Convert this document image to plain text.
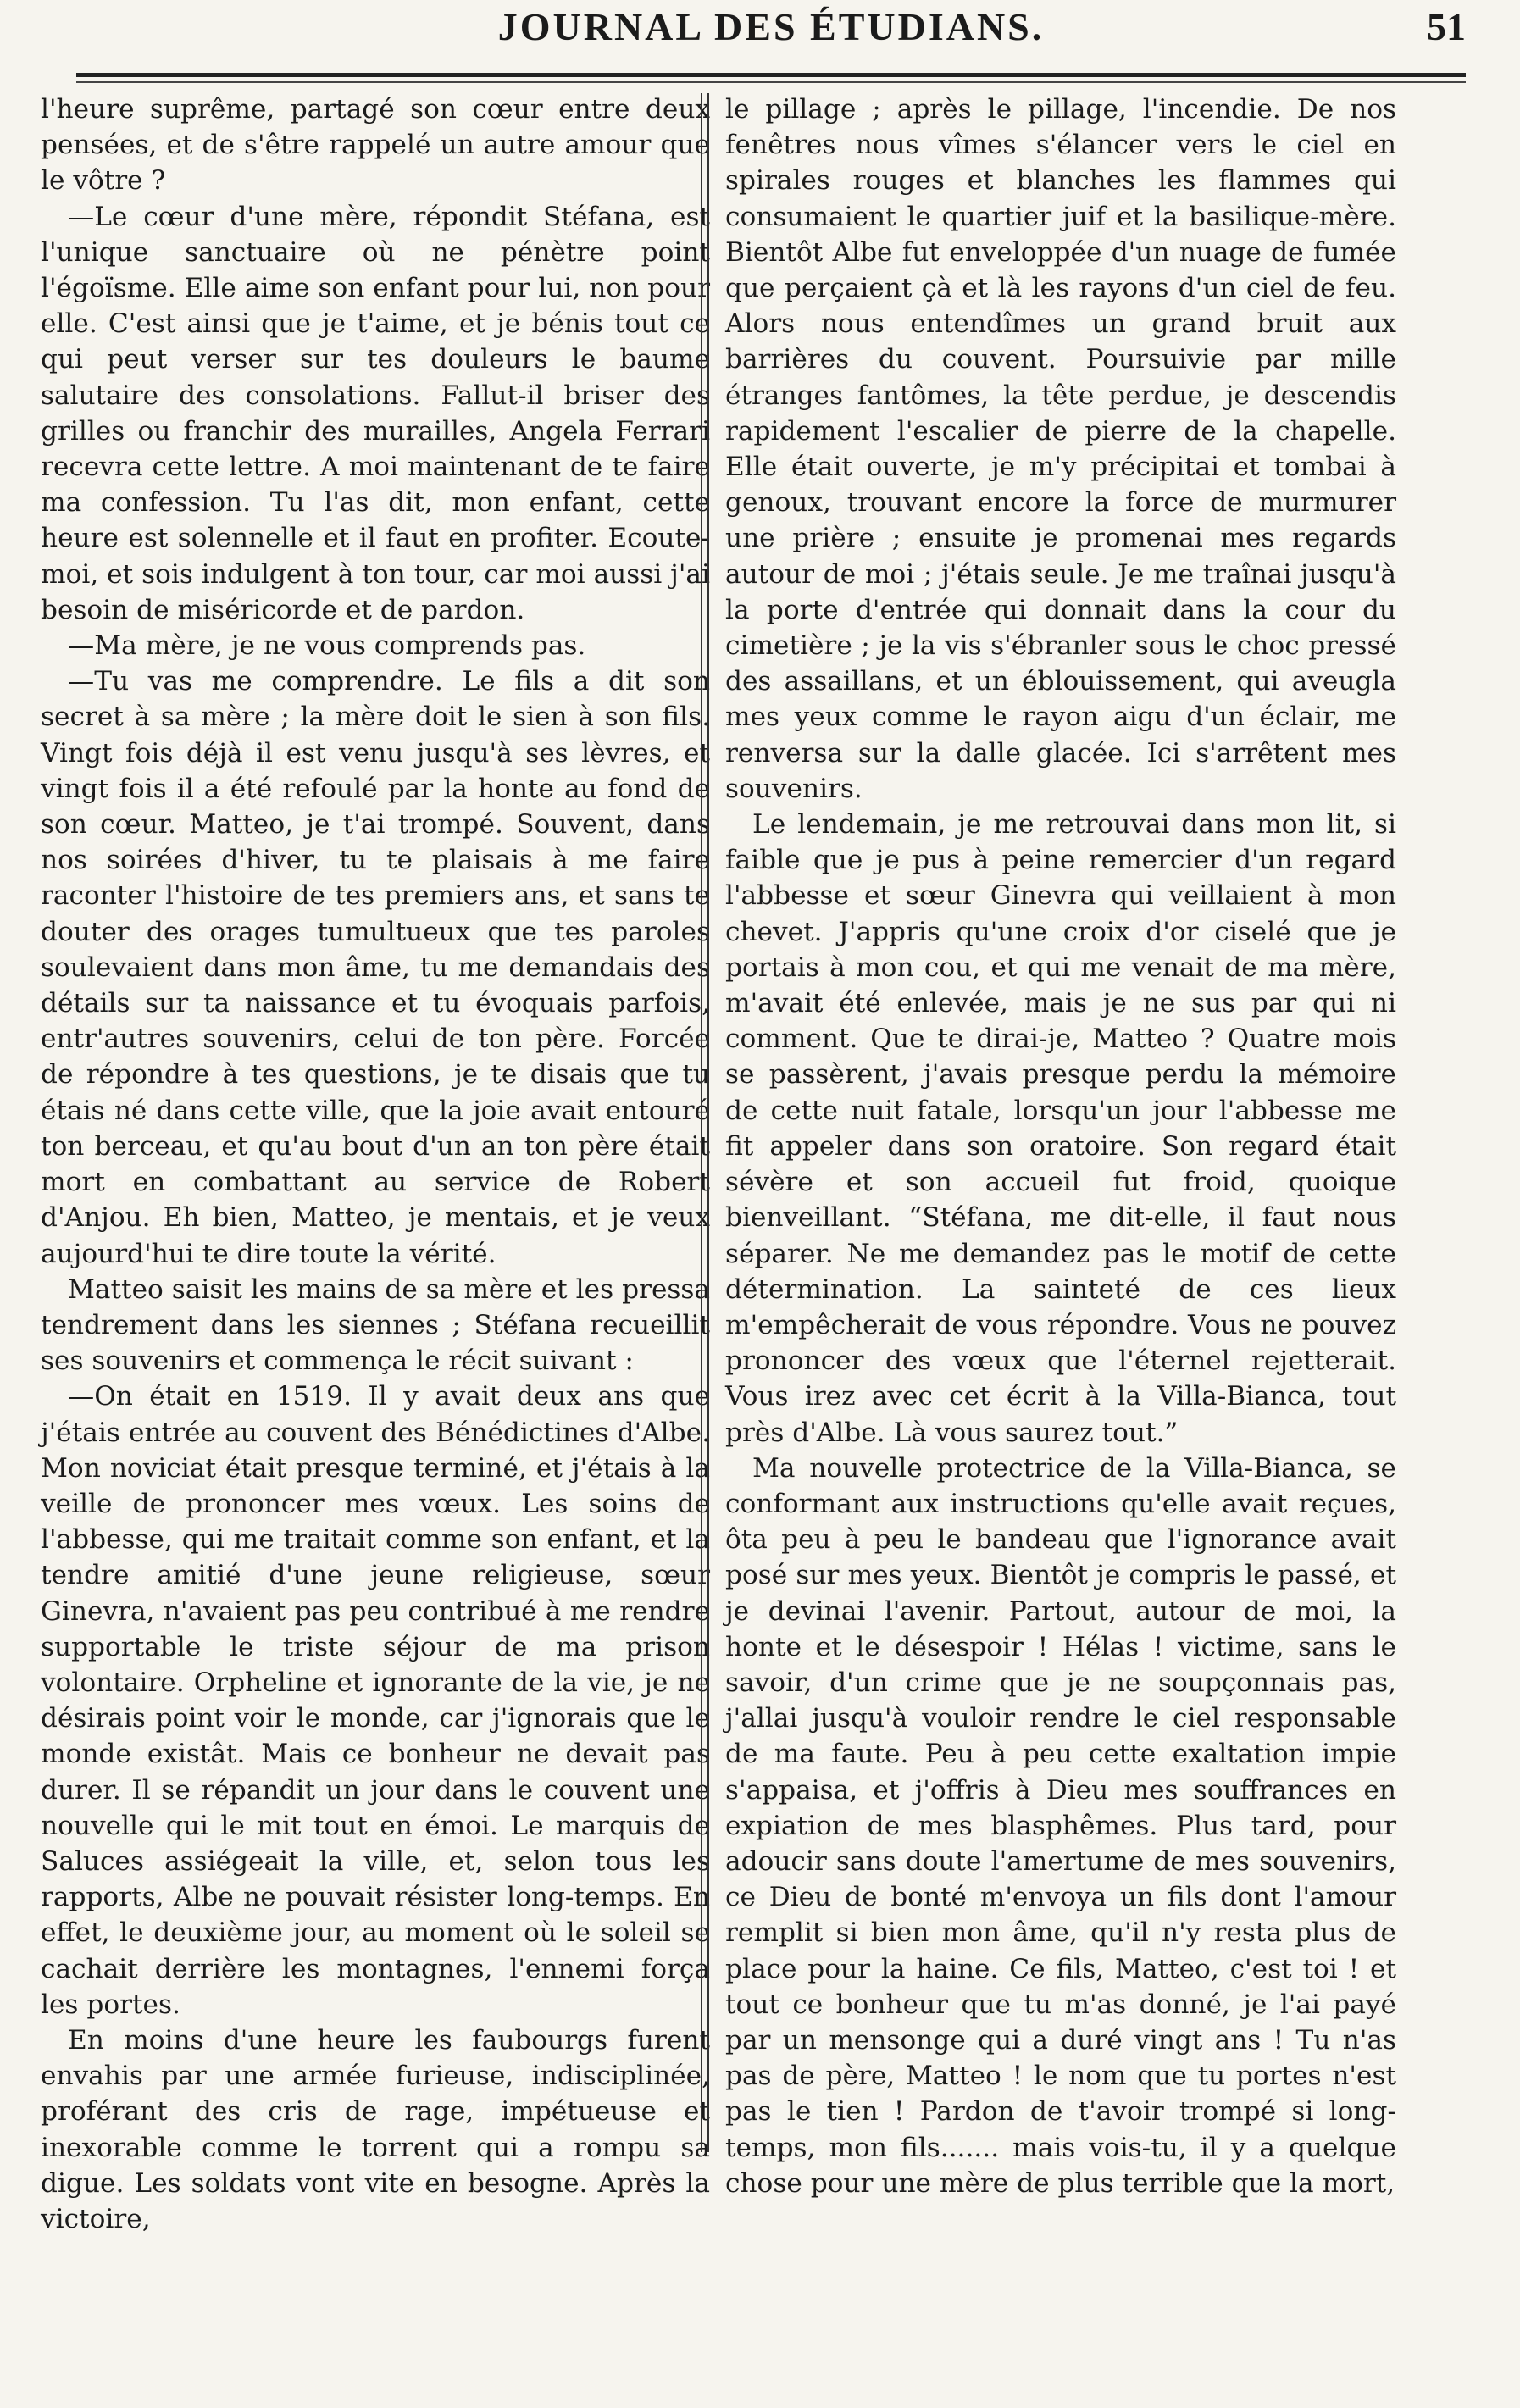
JOURNAL DES ÉTUDIANS.	51

l'heure suprême, partagé son cœur entre deux pensées, et de s'être rappelé un autre amour que le vôtre ?

—Le cœur d'une mère, répondit Stéfana, est l'unique sanctuaire où ne pénètre point l'égoïsme. Elle aime son enfant pour lui, non pour elle. C'est ainsi que je t'aime, et je bénis tout ce qui peut verser sur tes douleurs le baume salutaire des consolations. Fallut-il briser des grilles ou franchir des murailles, Angela Ferrari recevra cette lettre. A moi maintenant de te faire ma confession. Tu l'as dit, mon enfant, cette heure est solennelle et il faut en profiter. Ecoute-moi, et sois indulgent à ton tour, car moi aussi j'ai besoin de miséricorde et de pardon.

—Ma mère, je ne vous comprends pas.

—Tu vas me comprendre. Le fils a dit son secret à sa mère ; la mère doit le sien à son fils. Vingt fois déjà il est venu jusqu'à ses lèvres, et vingt fois il a été refoulé par la honte au fond de son cœur. Matteo, je t'ai trompé. Souvent, dans nos soirées d'hiver, tu te plaisais à me faire raconter l'histoire de tes premiers ans, et sans te douter des orages tumultueux que tes paroles soulevaient dans mon âme, tu me demandais des détails sur ta naissance et tu évoquais parfois, entr'autres souvenirs, celui de ton père. Forcée de répondre à tes questions, je te disais que tu étais né dans cette ville, que la joie avait entouré ton berceau, et qu'au bout d'un an ton père était mort en combattant au service de Robert d'Anjou. Eh bien, Matteo, je mentais, et je veux aujourd'hui te dire toute la vérité.

Matteo saisit les mains de sa mère et les pressa tendrement dans les siennes ; Stéfana recueillit ses souvenirs et commença le récit suivant :

—On était en 1519. Il y avait deux ans que j'étais entrée au couvent des Bénédictines d'Albe. Mon noviciat était presque terminé, et j'étais à la veille de prononcer mes vœux. Les soins de l'abbesse, qui me traitait comme son enfant, et la tendre amitié d'une jeune religieuse, sœur Ginevra, n'avaient pas peu contribué à me rendre supportable le triste séjour de ma prison volontaire. Orpheline et ignorante de la vie, je ne désirais point voir le monde, car j'ignorais que le monde existât. Mais ce bonheur ne devait pas durer. Il se répandit un jour dans le couvent une nouvelle qui le mit tout en émoi. Le marquis de Saluces assiégeait la ville, et, selon tous les rapports, Albe ne pouvait résister long-temps. En effet, le deuxième jour, au moment où le soleil se cachait derrière les montagnes, l'ennemi força les portes.

En moins d'une heure les faubourgs furent envahis par une armée furieuse, indisciplinée, proférant des cris de rage, impétueuse et inexorable comme le torrent qui a rompu sa digue. Les soldats vont vite en besogne. Après la victoire,

le pillage ; après le pillage, l'incendie. De nos fenêtres nous vîmes s'élancer vers le ciel en spirales rouges et blanches les flammes qui consumaient le quartier juif et la basilique-mère. Bientôt Albe fut enveloppée d'un nuage de fumée que perçaient çà et là les rayons d'un ciel de feu. Alors nous entendîmes un grand bruit aux barrières du couvent. Poursuivie par mille étranges fantômes, la tête perdue, je descendis rapidement l'escalier de pierre de la chapelle. Elle était ouverte, je m'y précipitai et tombai à genoux, trouvant encore la force de murmurer une prière ; ensuite je promenai mes regards autour de moi ; j'étais seule. Je me traînai jusqu'à la porte d'entrée qui donnait dans la cour du cimetière ; je la vis s'ébranler sous le choc pressé des assaillans, et un éblouissement, qui aveugla mes yeux comme le rayon aigu d'un éclair, me renversa sur la dalle glacée. Ici s'arrêtent mes souvenirs.

Le lendemain, je me retrouvai dans mon lit, si faible que je pus à peine remercier d'un regard l'abbesse et sœur Ginevra qui veillaient à mon chevet. J'appris qu'une croix d'or ciselé que je portais à mon cou, et qui me venait de ma mère, m'avait été enlevée, mais je ne sus par qui ni comment. Que te dirai-je, Matteo ? Quatre mois se passèrent, j'avais presque perdu la mémoire de cette nuit fatale, lorsqu'un jour l'abbesse me fit appeler dans son oratoire. Son regard était sévère et son accueil fut froid, quoique bienveillant. “Stéfana, me dit-elle, il faut nous séparer. Ne me demandez pas le motif de cette détermination. La sainteté de ces lieux m'empêcherait de vous répondre. Vous ne pouvez prononcer des vœux que l'éternel rejetterait. Vous irez avec cet écrit à la Villa-Bianca, tout près d'Albe. Là vous saurez tout.”

Ma nouvelle protectrice de la Villa-Bianca, se conformant aux instructions qu'elle avait reçues, ôta peu à peu le bandeau que l'ignorance avait posé sur mes yeux. Bientôt je compris le passé, et je devinai l'avenir. Partout, autour de moi, la honte et le désespoir ! Hélas ! victime, sans le savoir, d'un crime que je ne soupçonnais pas, j'allai jusqu'à vouloir rendre le ciel responsable de ma faute. Peu à peu cette exaltation impie s'appaisa, et j'offris à Dieu mes souffrances en expiation de mes blasphêmes. Plus tard, pour adoucir sans doute l'amertume de mes souvenirs, ce Dieu de bonté m'envoya un fils dont l'amour remplit si bien mon âme, qu'il n'y resta plus de place pour la haine. Ce fils, Matteo, c'est toi ! et tout ce bonheur que tu m'as donné, je l'ai payé par un mensonge qui a duré vingt ans ! Tu n'as pas de père, Matteo ! le nom que tu portes n'est pas le tien ! Pardon de t'avoir trompé si long-temps, mon fils....... mais vois-tu, il y a quelque chose pour une mère de plus terrible que la mort,
